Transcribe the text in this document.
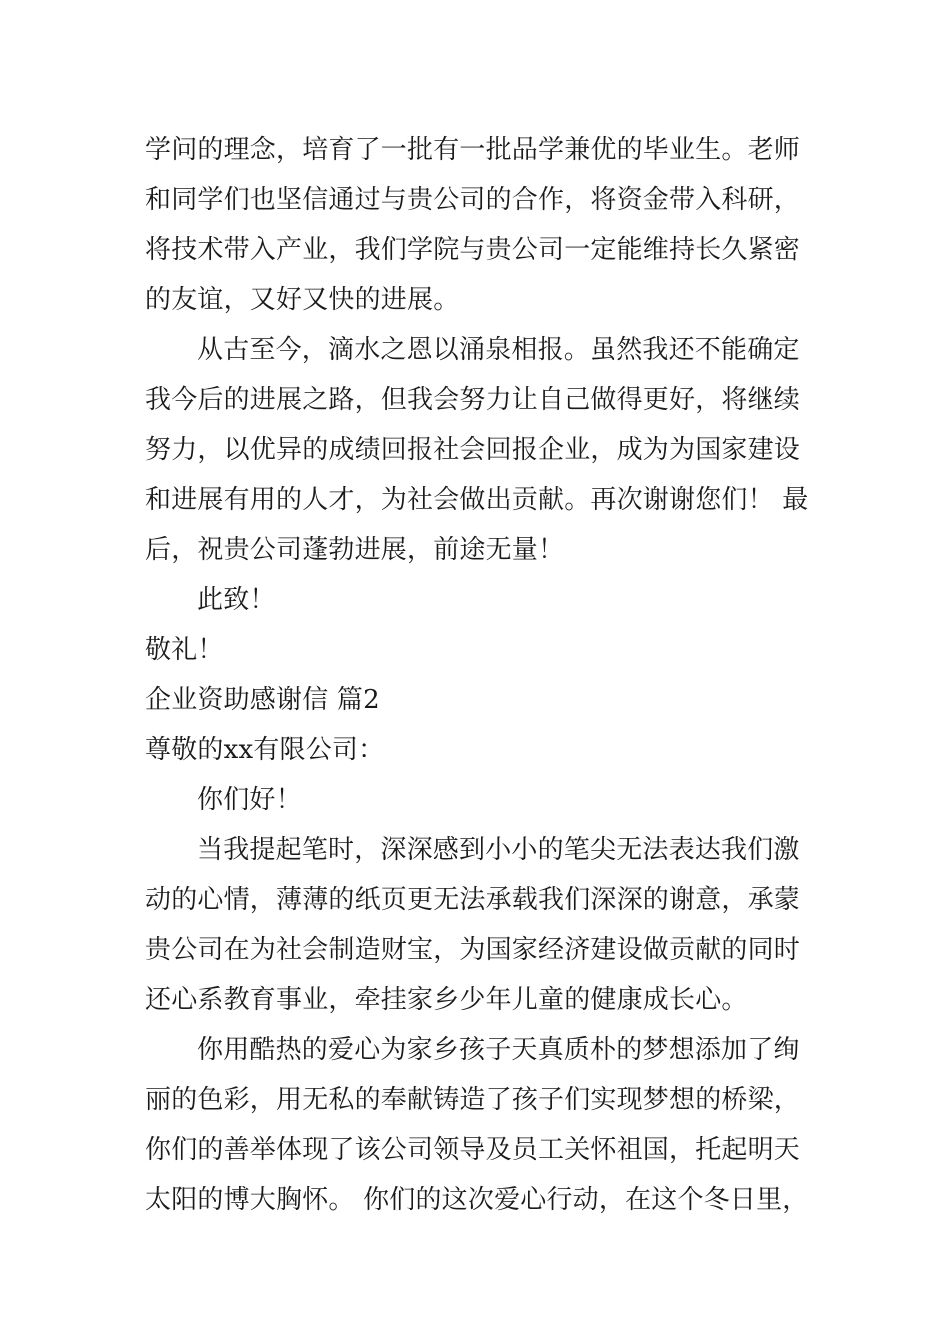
学问的理念，培育了一批有一批品学兼优的毕业生。老师
和同学们也坚信通过与贵公司的合作，将资金带入科研，
将技术带入产业，我们学院与贵公司一定能维持长久紧密
的友谊，又好又快的进展。
从古至今，滴水之恩以涌泉相报。虽然我还不能确定
我今后的进展之路，但我会努力让自己做得更好，将继续
努力，以优异的成绩回报社会回报企业，成为为国家建设
和进展有用的人才，为社会做出贡献。再次谢谢您们！ 最
后，祝贵公司蓬勃进展，前途无量！
此致！
敬礼！
企业资助感谢信 篇2
尊敬的xx有限公司：
你们好！
当我提起笔时，深深感到小小的笔尖无法表达我们激
动的心情，薄薄的纸页更无法承载我们深深的谢意，承蒙
贵公司在为社会制造财宝，为国家经济建设做贡献的同时
还心系教育事业，牵挂家乡少年儿童的健康成长心。
你用酷热的爱心为家乡孩子天真质朴的梦想添加了绚
丽的色彩，用无私的奉献铸造了孩子们实现梦想的桥梁，
你们的善举体现了该公司领导及员工关怀祖国，托起明天
太阳的博大胸怀。 你们的这次爱心行动，在这个冬日里，
